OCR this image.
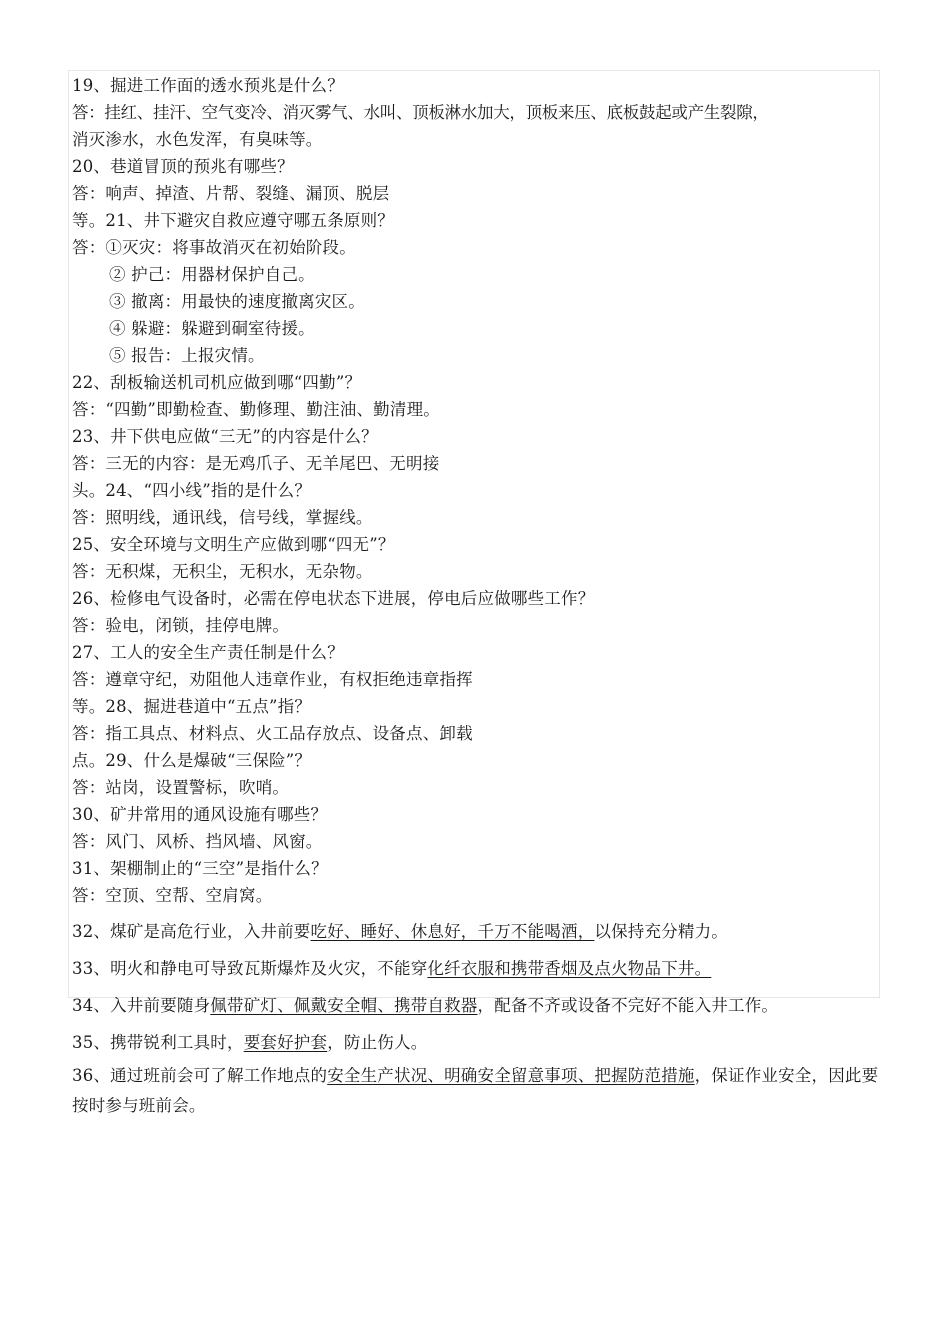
19、掘进工作面的透水预兆是什么？
答：挂红、挂汗、空气变冷、消灭雾气、水叫、顶板淋水加大，顶板来压、底板鼓起或产生裂隙，
消灭渗水，水色发浑，有臭味等。
20、巷道冒顶的预兆有哪些？
答：响声、掉渣、片帮、裂缝、漏顶、脱层
等。21、井下避灾自救应遵守哪五条原则？
答：①灭灾：将事故消灭在初始阶段。
② 护己：用器材保护自己。
③ 撤离：用最快的速度撤离灾区。
④ 躲避：躲避到硐室待援。
⑤ 报告：上报灾情。
22、刮板输送机司机应做到哪“四勤”？
答：“四勤”即勤检查、勤修理、勤注油、勤清理。
23、井下供电应做“三无”的内容是什么？
答：三无的内容：是无鸡爪子、无羊尾巴、无明接
头。24、“四小线”指的是什么？
答：照明线，通讯线，信号线，掌握线。
25、安全环境与文明生产应做到哪“四无”？
答：无积煤，无积尘，无积水，无杂物。
26、检修电气设备时，必需在停电状态下进展，停电后应做哪些工作？
答：验电，闭锁，挂停电牌。
27、工人的安全生产责任制是什么？
答：遵章守纪，劝阻他人违章作业，有权拒绝违章指挥
等。28、掘进巷道中“五点”指？
答：指工具点、材料点、火工品存放点、设备点、卸载
点。29、什么是爆破“三保险”？
答：站岗，设置警标，吹哨。
30、矿井常用的通风设施有哪些？
答：风门、风桥、挡风墙、风窗。
31、架棚制止的“三空”是指什么？
答：空顶、空帮、空肩窝。
32、煤矿是高危行业，入井前要吃好、睡好、休息好，千万不能喝酒，以保持充分精力。
33、明火和静电可导致瓦斯爆炸及火灾，不能穿化纤衣服和携带香烟及点火物品下井。
34、入井前要随身佩带矿灯、佩戴安全帽、携带自救器，配备不齐或设备不完好不能入井工作。
35、携带锐利工具时，要套好护套，防止伤人。
36、通过班前会可了解工作地点的安全生产状况、明确安全留意事项、把握防范措施，保证作业安全，因此要按时参与班前会。
